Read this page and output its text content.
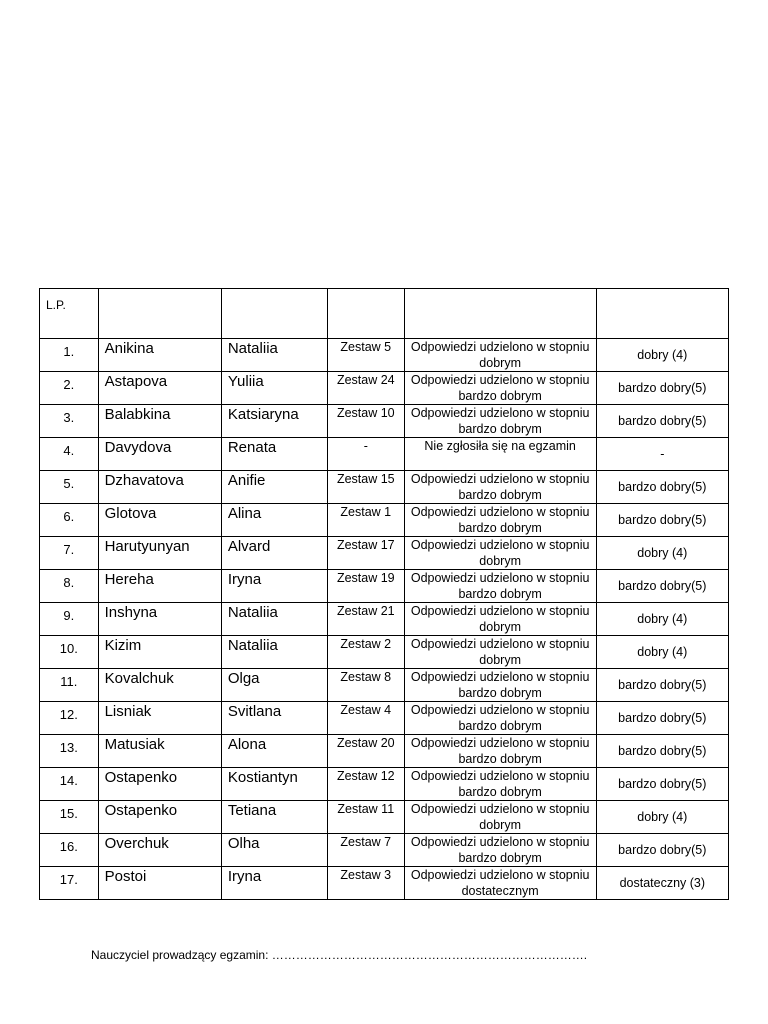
L.P.					

1.	Anikina	Nataliia	Zestaw 5	Odpowiedzi udzielono w stopniu dobrym	dobry (4)

2.	Astapova	Yuliia	Zestaw 24	Odpowiedzi udzielono w stopniu bardzo dobrym	bardzo dobry(5)

3.	Balabkina	Katsiaryna	Zestaw 10	Odpowiedzi udzielono w stopniu bardzo dobrym	bardzo dobry(5)

4.	Davydova	Renata	-	Nie zgłosiła się na egzamin	-

5.	Dzhavatova	Anifie	Zestaw 15	Odpowiedzi udzielono w stopniu bardzo dobrym	bardzo dobry(5)

6.	Glotova	Alina	Zestaw 1	Odpowiedzi udzielono w stopniu bardzo dobrym	bardzo dobry(5)

7.	Harutyunyan	Alvard	Zestaw 17	Odpowiedzi udzielono w stopniu dobrym	dobry (4)

8.	Hereha	Iryna	Zestaw 19	Odpowiedzi udzielono w stopniu bardzo dobrym	bardzo dobry(5)

9.	Inshyna	Nataliia	Zestaw 21	Odpowiedzi udzielono w stopniu dobrym	dobry (4)

10.	Kizim	Nataliia	Zestaw 2	Odpowiedzi udzielono w stopniu dobrym	dobry (4)

11.	Kovalchuk	Olga	Zestaw 8	Odpowiedzi udzielono w stopniu bardzo dobrym	bardzo dobry(5)

12.	Lisniak	Svitlana	Zestaw 4	Odpowiedzi udzielono w stopniu bardzo dobrym	bardzo dobry(5)

13.	Matusiak	Alona	Zestaw 20	Odpowiedzi udzielono w stopniu bardzo dobrym	bardzo dobry(5)

14.	Ostapenko	Kostiantyn	Zestaw 12	Odpowiedzi udzielono w stopniu bardzo dobrym	bardzo dobry(5)

15.	Ostapenko	Tetiana	Zestaw 11	Odpowiedzi udzielono w stopniu dobrym	dobry (4)

16.	Overchuk	Olha	Zestaw 7	Odpowiedzi udzielono w stopniu bardzo dobrym	bardzo dobry(5)

17.	Postoi	Iryna	Zestaw 3	Odpowiedzi udzielono w stopniu dostatecznym	dostateczny (3)
Nauczyciel prowadzący egzamin: …………………………………………………………………….
